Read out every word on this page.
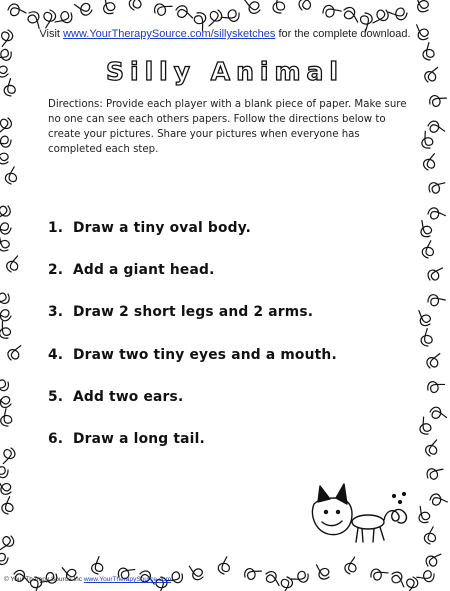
Visit www.YourTherapySource.com/sillysketches for the complete download.
Silly Animal
Directions: Provide each player with a blank piece of paper. Make sure no one can see each others papers. Follow the directions below to create your pictures. Share your pictures when everyone has completed each step.
1. Draw a tiny oval body.
2. Add a giant head.
3. Draw 2 short legs and 2 arms.
4. Draw two tiny eyes and a mouth.
5. Add two ears.
6. Draw a long tail.
© Your Therapy Source Inc www.YourTherapySource.com
